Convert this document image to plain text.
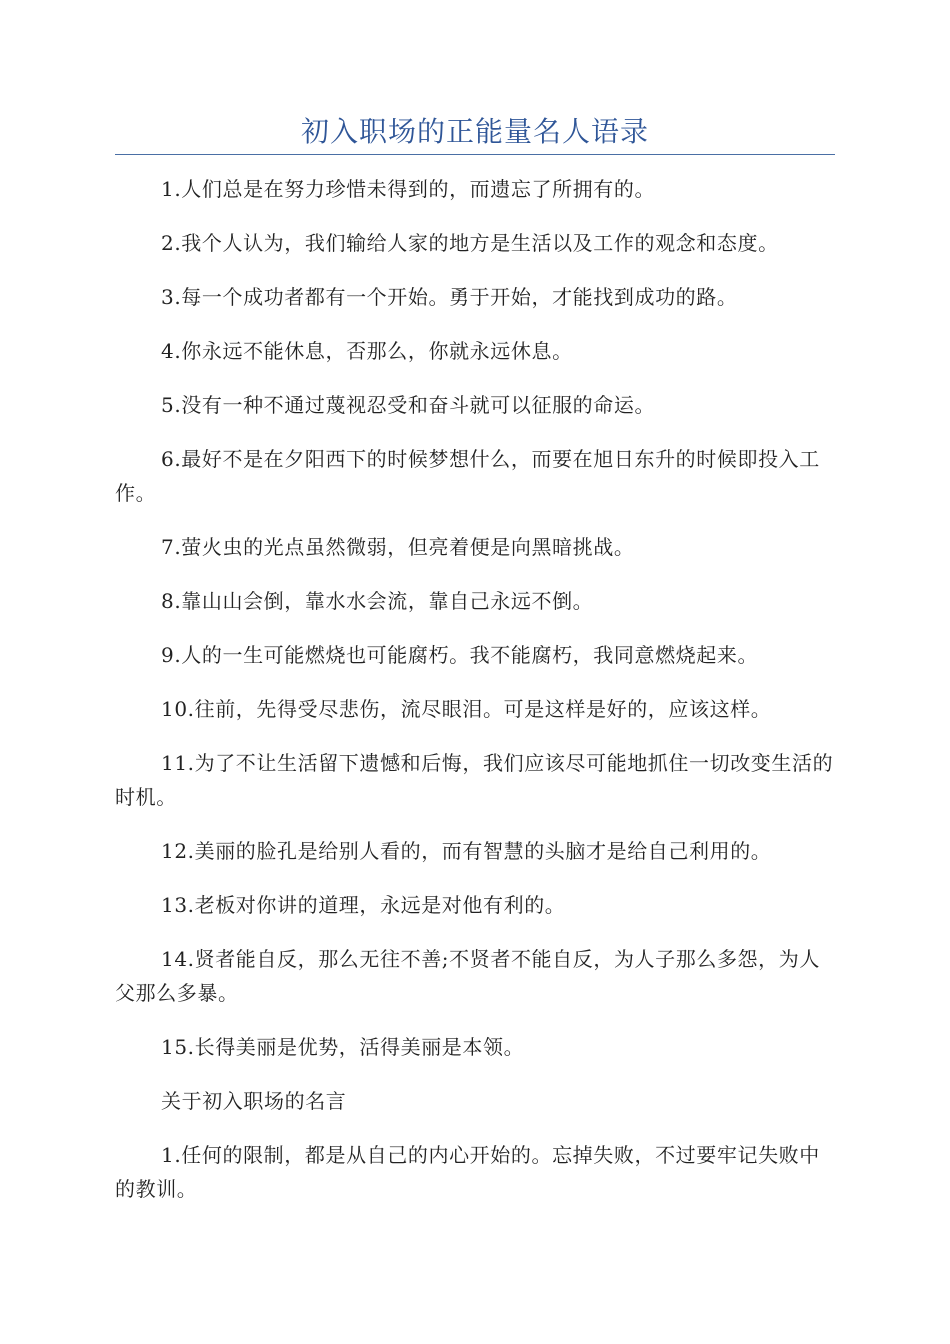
初入职场的正能量名人语录

1.人们总是在努力珍惜未得到的，而遗忘了所拥有的。

2.我个人认为，我们输给人家的地方是生活以及工作的观念和态度。

3.每一个成功者都有一个开始。勇于开始，才能找到成功的路。

4.你永远不能休息，否那么，你就永远休息。

5.没有一种不通过蔑视忍受和奋斗就可以征服的命运。

6.最好不是在夕阳西下的时候梦想什么，而要在旭日东升的时候即投入工作。

7.萤火虫的光点虽然微弱，但亮着便是向黑暗挑战。

8.靠山山会倒，靠水水会流，靠自己永远不倒。

9.人的一生可能燃烧也可能腐朽。我不能腐朽，我同意燃烧起来。

10.往前，先得受尽悲伤，流尽眼泪。可是这样是好的，应该这样。

11.为了不让生活留下遗憾和后悔，我们应该尽可能地抓住一切改变生活的时机。

12.美丽的脸孔是给别人看的，而有智慧的头脑才是给自己利用的。

13.老板对你讲的道理，永远是对他有利的。

14.贤者能自反，那么无往不善;不贤者不能自反，为人子那么多怨，为人父那么多暴。

15.长得美丽是优势，活得美丽是本领。

关于初入职场的名言

1.任何的限制，都是从自己的内心开始的。忘掉失败，不过要牢记失败中的教训。
